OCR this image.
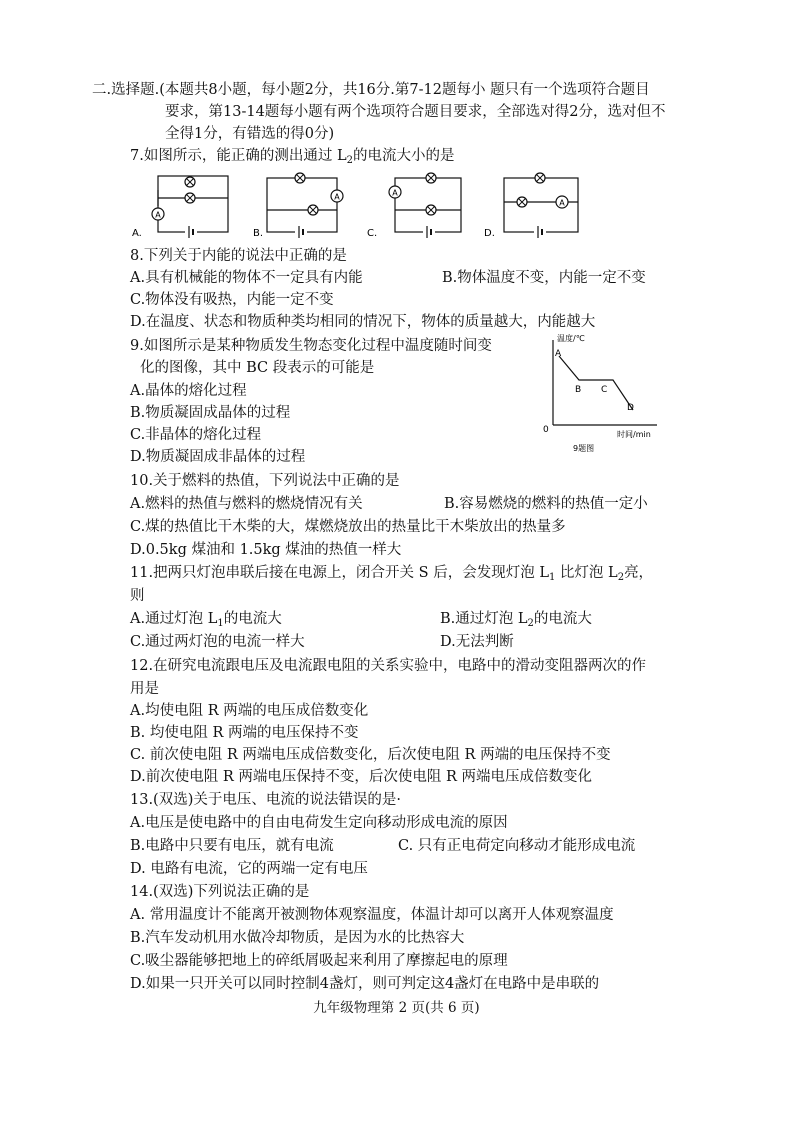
二.选择题.(本题共8小题，每小题2分，共16分.第7-12题每小 题只有一个选项符合题目
要求，第13-14题每小题有两个选项符合题目要求，全部选对得2分，选对但不
全得1分，有错选的得0分)
7.如图所示，能正确的测出通过 $L_2$的电流大小的是
A
A.
A
B.
A
C.
A
D.
8.下列关于内能的说法中正确的是
A.具有机械能的物体不一定具有内能	B.物体温度不变，内能一定不变
C.物体没有吸热，内能一定不变
D.在温度、状态和物质种类均相同的情况下，物体的质量越大，内能越大
9.如图所示是某种物质发生物态变化过程中温度随时间变
化的图像，其中 BC 段表示的可能是
A.晶体的熔化过程
B.物质凝固成晶体的过程
C.非晶体的熔化过程
D.物质凝固成非晶体的过程
温度/℃
时间/min
0
A
B C
D
9题图
10.关于燃料的热值，下列说法中正确的是
A.燃料的热值与燃料的燃烧情况有关	B.容易燃烧的燃料的热值一定小
C.煤的热值比干木柴的大，煤燃烧放出的热量比干木柴放出的热量多
D.0.5kg 煤油和 1.5kg 煤油的热值一样大
11.把两只灯泡串联后接在电源上，闭合开关 S 后，会发现灯泡 $L_1$ 比灯泡 $L_2$亮，
则
A.通过灯泡 $L_1$的电流大	B.通过灯泡 $L_2$的电流大
C.通过两灯泡的电流一样大	D.无法判断
12.在研究电流跟电压及电流跟电阻的关系实验中，电路中的滑动变阻器两次的作
用是
A.均使电阻 R 两端的电压成倍数变化
B. 均使电阻 R 两端的电压保持不变
C. 前次使电阻 R 两端电压成倍数变化，后次使电阻 R 两端的电压保持不变
D.前次使电阻 R 两端电压保持不变，后次使电阻 R 两端电压成倍数变化
13.(双选)关于电压、电流的说法错误的是·
A.电压是使电路中的自由电荷发生定向移动形成电流的原因
B.电路中只要有电压，就有电流	C. 只有正电荷定向移动才能形成电流
D. 电路有电流，它的两端一定有电压
14.(双选)下列说法正确的是
A. 常用温度计不能离开被测物体观察温度，体温计却可以离开人体观察温度
B.汽车发动机用水做冷却物质，是因为水的比热容大
C.吸尘器能够把地上的碎纸屑吸起来利用了摩擦起电的原理
D.如果一只开关可以同时控制4盏灯，则可判定这4盏灯在电路中是串联的
九年级物理第 2 页(共 6 页)
